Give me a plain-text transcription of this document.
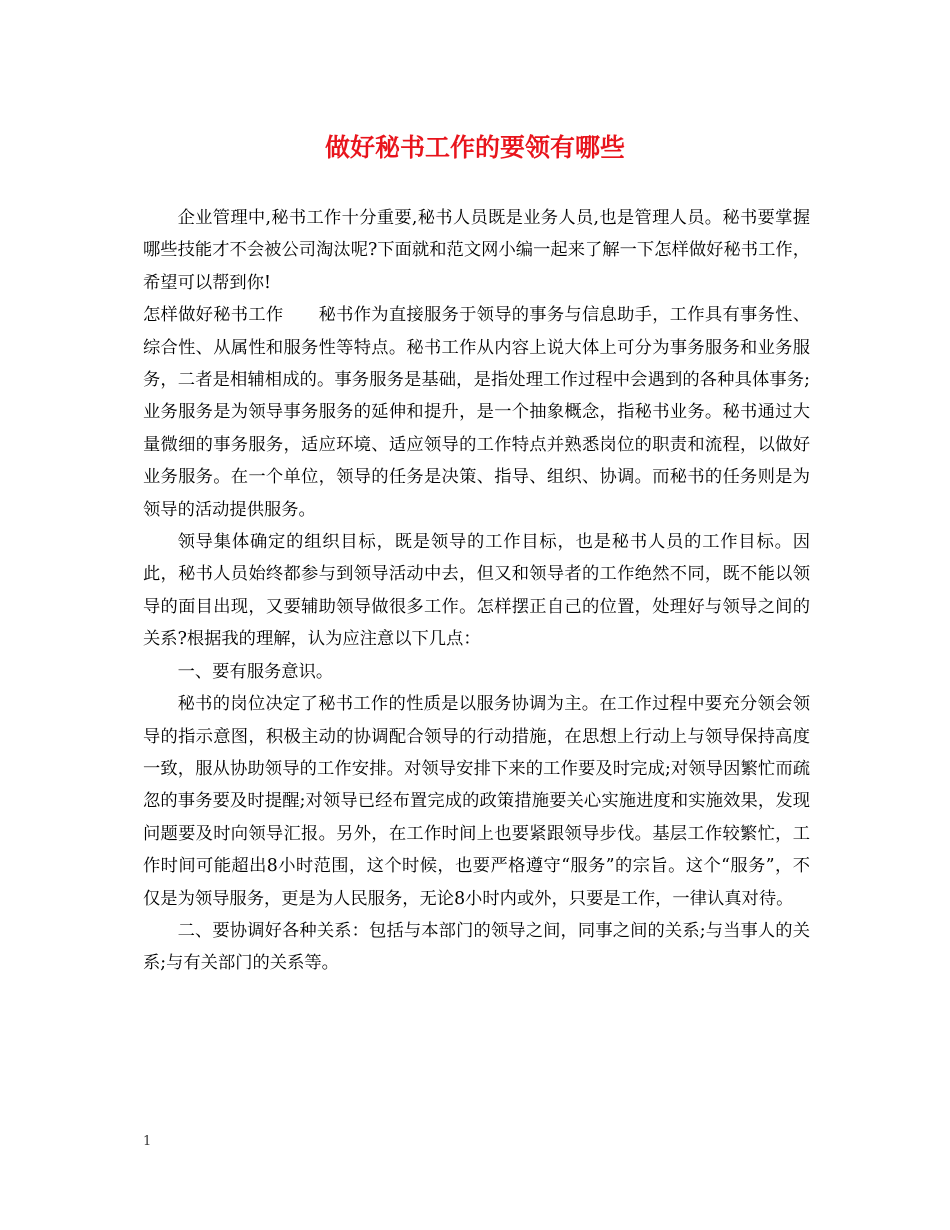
做好秘书工作的要领有哪些

企业管理中,秘书工作十分重要,秘书人员既是业务人员,也是管理人员。秘书要掌握哪些技能才不会被公司淘汰呢?下面就和范文网小编一起来了解一下怎样做好秘书工作，希望可以帮到你!

怎样做好秘书工作　　秘书作为直接服务于领导的事务与信息助手，工作具有事务性、综合性、从属性和服务性等特点。秘书工作从内容上说大体上可分为事务服务和业务服务，二者是相辅相成的。事务服务是基础，是指处理工作过程中会遇到的各种具体事务;业务服务是为领导事务服务的延伸和提升，是一个抽象概念，指秘书业务。秘书通过大量微细的事务服务，适应环境、适应领导的工作特点并熟悉岗位的职责和流程，以做好业务服务。在一个单位，领导的任务是决策、指导、组织、协调。而秘书的任务则是为领导的活动提供服务。

领导集体确定的组织目标，既是领导的工作目标，也是秘书人员的工作目标。因此，秘书人员始终都参与到领导活动中去，但又和领导者的工作绝然不同，既不能以领导的面目出现，又要辅助领导做很多工作。怎样摆正自己的位置，处理好与领导之间的关系?根据我的理解，认为应注意以下几点：

一、要有服务意识。

秘书的岗位决定了秘书工作的性质是以服务协调为主。在工作过程中要充分领会领导的指示意图，积极主动的协调配合领导的行动措施，在思想上行动上与领导保持高度一致，服从协助领导的工作安排。对领导安排下来的工作要及时完成;对领导因繁忙而疏忽的事务要及时提醒;对领导已经布置完成的政策措施要关心实施进度和实施效果，发现问题要及时向领导汇报。另外，在工作时间上也要紧跟领导步伐。基层工作较繁忙，工作时间可能超出8小时范围，这个时候，也要严格遵守“服务”的宗旨。这个“服务”，不仅是为领导服务，更是为人民服务，无论8小时内或外，只要是工作，一律认真对待。

二、要协调好各种关系：包括与本部门的领导之间，同事之间的关系;与当事人的关系;与有关部门的关系等。

1
